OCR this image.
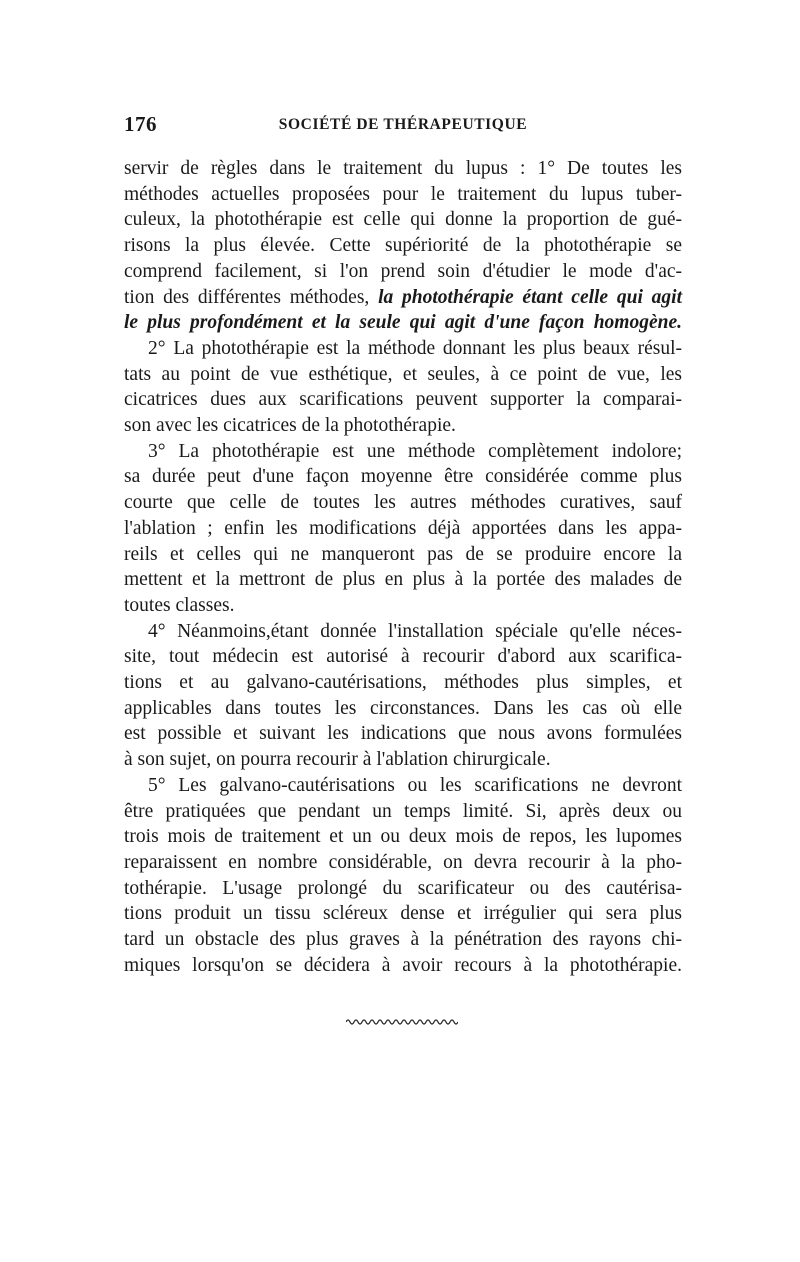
176	SOCIÉTÉ DE THÉRAPEUTIQUE

servir de règles dans le traitement du lupus : 1° De toutes les
méthodes actuelles proposées pour le traitement du lupus tuber-
culeux, la photothérapie est celle qui donne la proportion de gué-
risons la plus élevée. Cette supériorité de la photothérapie se
comprend facilement, si l'on prend soin d'étudier le mode d'ac-
tion des différentes méthodes, la photothérapie étant celle qui agit
le plus profondément et la seule qui agit d'une façon homogène.

2° La photothérapie est la méthode donnant les plus beaux résul-
tats au point de vue esthétique, et seules, à ce point de vue, les
cicatrices dues aux scarifications peuvent supporter la comparai-
son avec les cicatrices de la photothérapie.

3° La photothérapie est une méthode complètement indolore;
sa durée peut d'une façon moyenne être considérée comme plus
courte que celle de toutes les autres méthodes curatives, sauf
l'ablation ; enfin les modifications déjà apportées dans les appa-
reils et celles qui ne manqueront pas de se produire encore la
mettent et la mettront de plus en plus à la portée des malades de
toutes classes.

4° Néanmoins,étant donnée l'installation spéciale qu'elle néces-
site, tout médecin est autorisé à recourir d'abord aux scarifica-
tions et au galvano-cautérisations, méthodes plus simples, et
applicables dans toutes les circonstances. Dans les cas où elle
est possible et suivant les indications que nous avons formulées
à son sujet, on pourra recourir à l'ablation chirurgicale.

5° Les galvano-cautérisations ou les scarifications ne devront
être pratiquées que pendant un temps limité. Si, après deux ou
trois mois de traitement et un ou deux mois de repos, les lupomes
reparaissent en nombre considérable, on devra recourir à la pho-
tothérapie. L'usage prolongé du scarificateur ou des cautérisa-
tions produit un tissu scléreux dense et irrégulier qui sera plus
tard un obstacle des plus graves à la pénétration des rayons chi-
miques lorsqu'on se décidera à avoir recours à la photothérapie.
